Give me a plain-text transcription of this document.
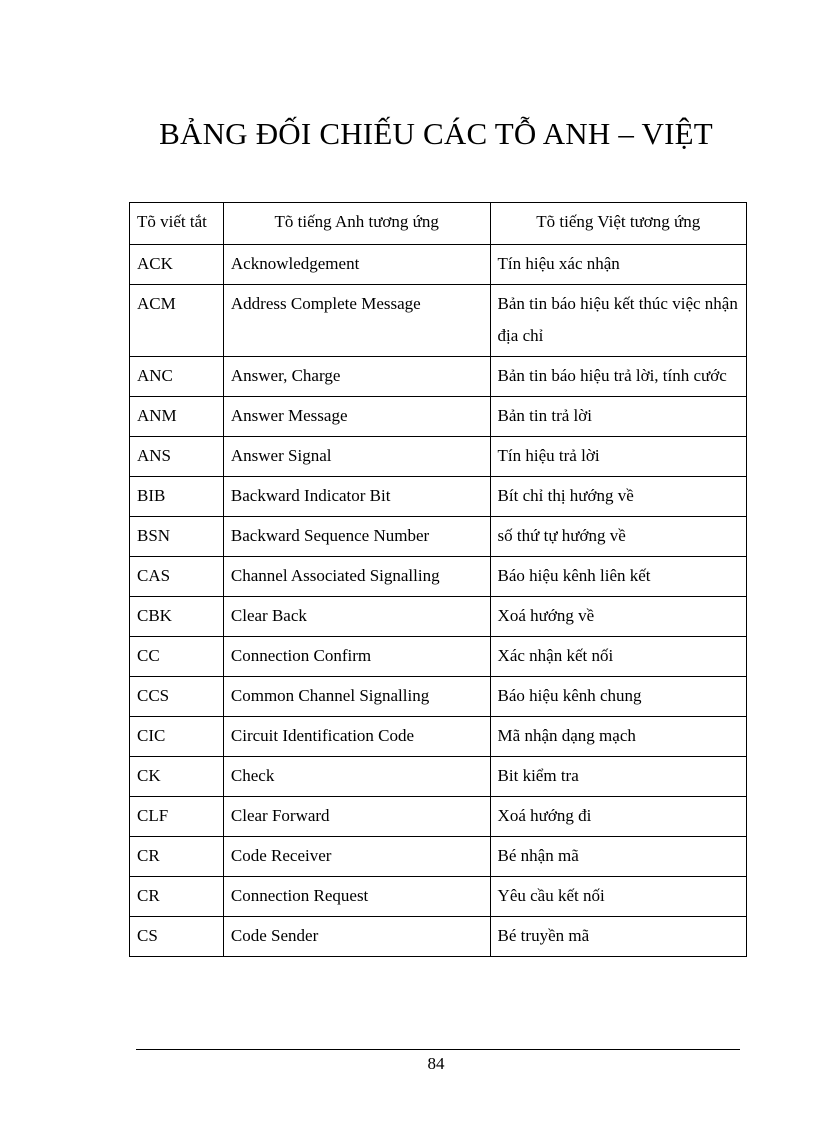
BẢNG ĐỐI CHIẾU CÁC TỖ ANH – VIỆT
Tõ viết tắt	Tõ tiếng Anh tương ứng	Tõ tiếng Việt tương ứng
ACK	Acknowledgement	Tín hiệu xác nhận
ACM	Address Complete Message	Bản tin báo hiệu kết thúc việc nhận địa chỉ
ANC	Answer, Charge	Bản tin báo hiệu trả lời, tính cước
ANM	Answer Message	Bản tin trả lời
ANS	Answer Signal	Tín hiệu trả lời
BIB	Backward Indicator Bit	Bít chỉ thị hướng về
BSN	Backward Sequence Number	số thứ tự hướng về
CAS	Channel Associated Signalling	Báo hiệu kênh liên kết
CBK	Clear Back	Xoá hướng về
CC	Connection Confirm	Xác nhận kết nối
CCS	Common Channel Signalling	Báo hiệu kênh chung
CIC	Circuit Identification Code	Mã nhận dạng mạch
CK	Check	Bit kiểm tra
CLF	Clear Forward	Xoá hướng đi
CR	Code Receiver	Bé nhận mã
CR	Connection Request	Yêu cầu kết nối
CS	Code Sender	Bé truyền mã
84
